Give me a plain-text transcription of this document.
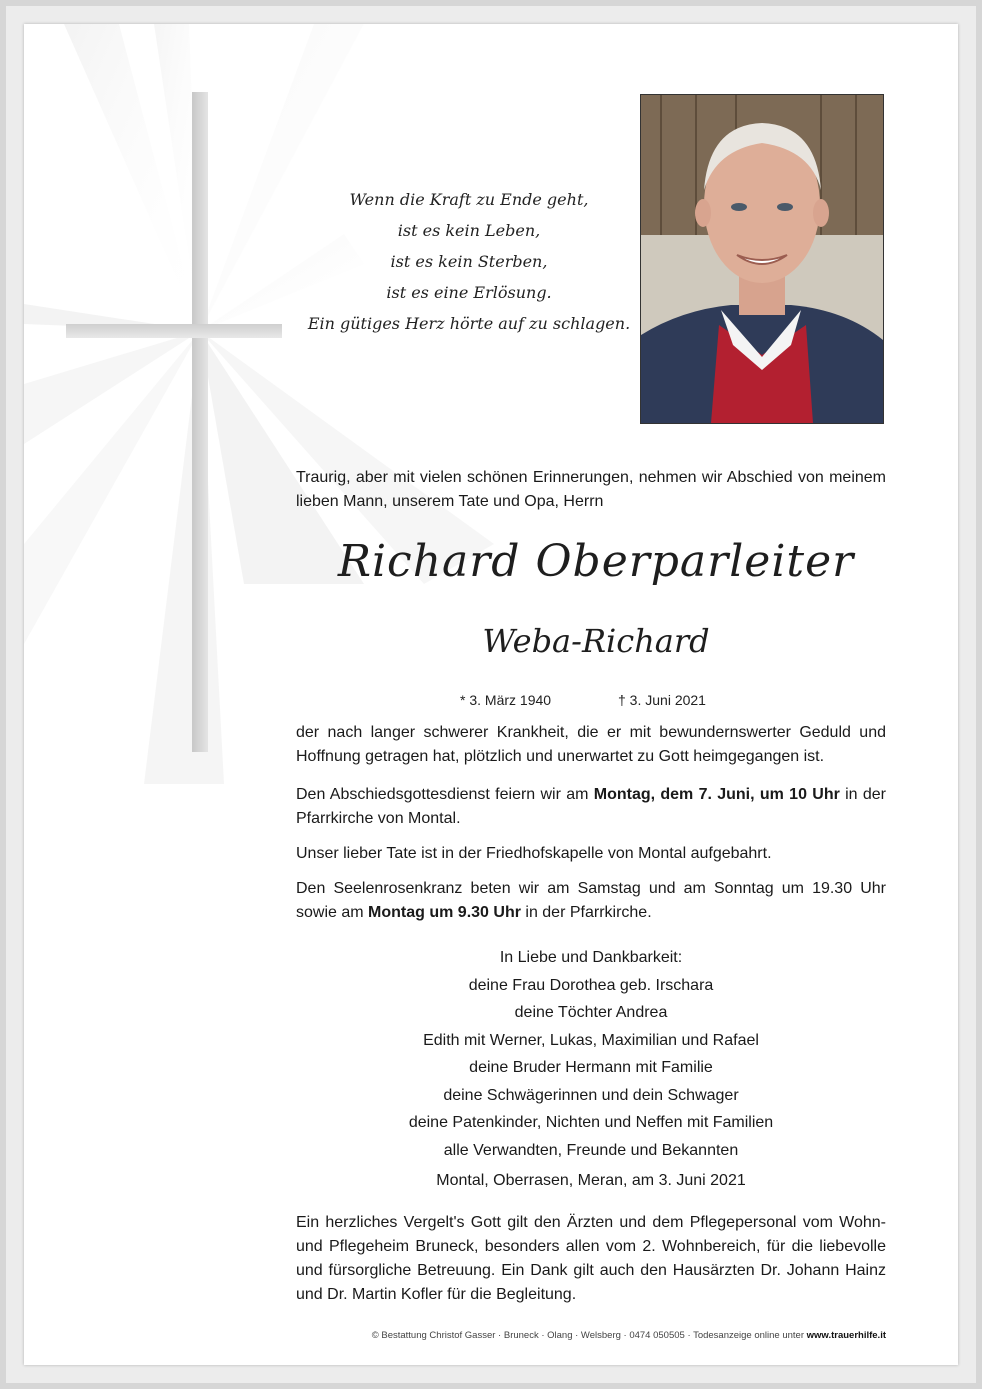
Wenn die Kraft zu Ende geht,
ist es kein Leben,
ist es kein Sterben,
ist es eine Erlösung.
Ein gütiges Herz hörte auf zu schlagen.
Traurig, aber mit vielen schönen Erinnerungen, nehmen wir Abschied von meinem lieben Mann, unserem Tate und Opa, Herrn
Richard Oberparleiter
Weba-Richard
* 3. März 1940	† 3. Juni 2021
der nach langer schwerer Krankheit, die er mit bewundernswerter Geduld und Hoffnung getragen hat, plötzlich und unerwartet zu Gott heimgegangen ist.
Den Abschiedsgottesdienst feiern wir am Montag, dem 7. Juni, um 10 Uhr in der Pfarrkirche von Montal.
Unser lieber Tate ist in der Friedhofskapelle von Montal aufgebahrt.
Den Seelenrosenkranz beten wir am Samstag und am Sonntag um 19.30 Uhr sowie am Montag um 9.30 Uhr in der Pfarrkirche.
In Liebe und Dankbarkeit:
deine Frau Dorothea geb. Irschara
deine Töchter Andrea
Edith mit Werner, Lukas, Maximilian und Rafael
deine Bruder Hermann mit Familie
deine Schwägerinnen und dein Schwager
deine Patenkinder, Nichten und Neffen mit Familien
alle Verwandten, Freunde und Bekannten
Montal, Oberrasen, Meran, am 3. Juni 2021
Ein herzliches Vergelt's Gott gilt den Ärzten und dem Pflegepersonal vom Wohn- und Pflegeheim Bruneck, besonders allen vom 2. Wohnbereich, für die liebevolle und fürsorgliche Betreuung. Ein Dank gilt auch den Hausärzten Dr. Johann Hainz und Dr. Martin Kofler für die Begleitung.
© Bestattung Christof Gasser · Bruneck · Olang · Welsberg · 0474 050505 · Todesanzeige online unter www.trauerhilfe.it
